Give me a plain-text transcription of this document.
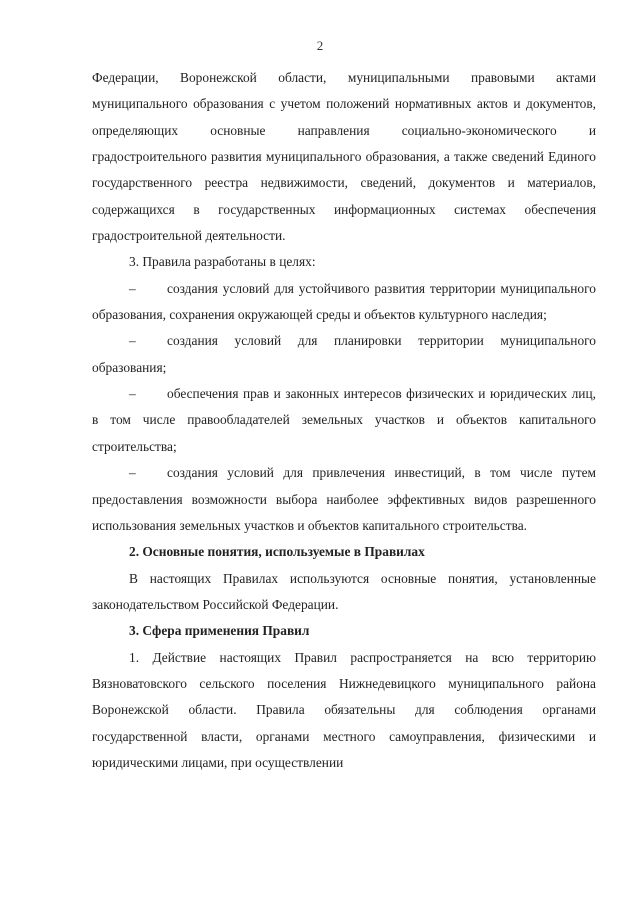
2

Федерации, Воронежской области, муниципальными правовыми актами муниципального образования с учетом положений нормативных актов и документов, определяющих основные направления социально-экономического и градостроительного развития муниципального образования, а также сведений Единого государственного реестра недвижимости, сведений, документов и материалов, содержащихся в государственных информационных системах обеспечения градостроительной деятельности.

3. Правила разработаны в целях:

– создания условий для устойчивого развития территории муниципального образования, сохранения окружающей среды и объектов культурного наследия;

– создания условий для планировки территории муниципального образования;

– обеспечения прав и законных интересов физических и юридических лиц, в том числе правообладателей земельных участков и объектов капитального строительства;

– создания условий для привлечения инвестиций, в том числе путем предоставления возможности выбора наиболее эффективных видов разрешенного использования земельных участков и объектов капитального строительства.

2. Основные понятия, используемые в Правилах

В настоящих Правилах используются основные понятия, установленные законодательством Российской Федерации.

3. Сфера применения Правил

1. Действие настоящих Правил распространяется на всю территорию Вязноватовского сельского поселения Нижнедевицкого муниципального района Воронежской области. Правила обязательны для соблюдения органами государственной власти, органами местного самоуправления, физическими и юридическими лицами, при осуществлении
